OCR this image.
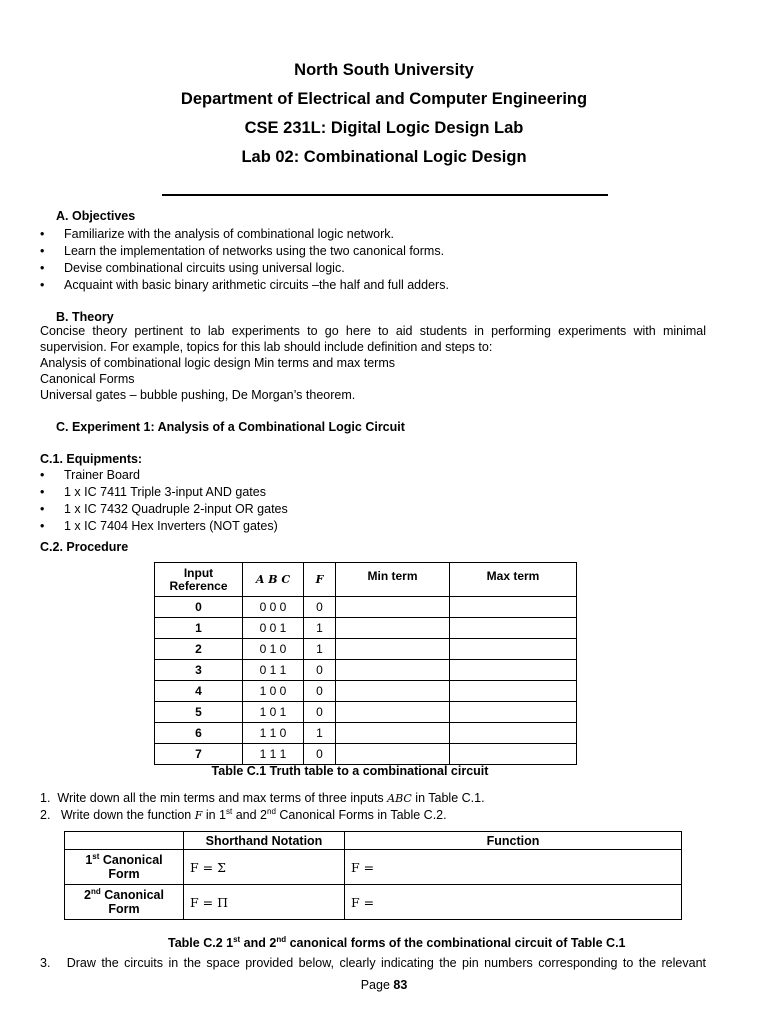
North South University
Department of Electrical and Computer Engineering
CSE 231L: Digital Logic Design Lab
Lab 02: Combinational Logic Design
A. Objectives
Familiarize with the analysis of combinational logic network.
Learn the implementation of networks using the two canonical forms.
Devise combinational circuits using universal logic.
Acquaint with basic binary arithmetic circuits –the half and full adders.
B. Theory
Concise theory pertinent to lab experiments to go here to aid students in performing experiments with minimal
supervision. For example, topics for this lab should include definition and steps to:
Analysis of combinational logic design Min terms and max terms
Canonical Forms
Universal gates – bubble pushing, De Morgan’s theorem.
C. Experiment 1: Analysis of a Combinational Logic Circuit
C.1. Equipments:
Trainer Board
1 x IC 7411 Triple 3-input AND gates
1 x IC 7432 Quadruple 2-input OR gates
1 x IC 7404 Hex Inverters (NOT gates)
C.2. Procedure
Input
Reference	A B C	F	Min term	Max term
0	0 0 0	0		
1	0 0 1	1		
2	0 1 0	1		
3	0 1 1	0		
4	1 0 0	0		
5	1 0 1	0		
6	1 1 0	1		
7	1 1 1	0		
Table C.1 Truth table to a combinational circuit
1. Write down all the min terms and max terms of three inputs ABC in Table C.1.
2. Write down the function F in 1st and 2nd Canonical Forms in Table C.2.
	Shorthand Notation	Function
1st Canonical
Form	F = Σ	F =
2nd Canonical
Form	F = Π	F =
Table C.2 1st and 2nd canonical forms of the combinational circuit of Table C.1
3. Draw the circuits in the space provided below, clearly indicating the pin numbers corresponding to the relevant
Page 83
